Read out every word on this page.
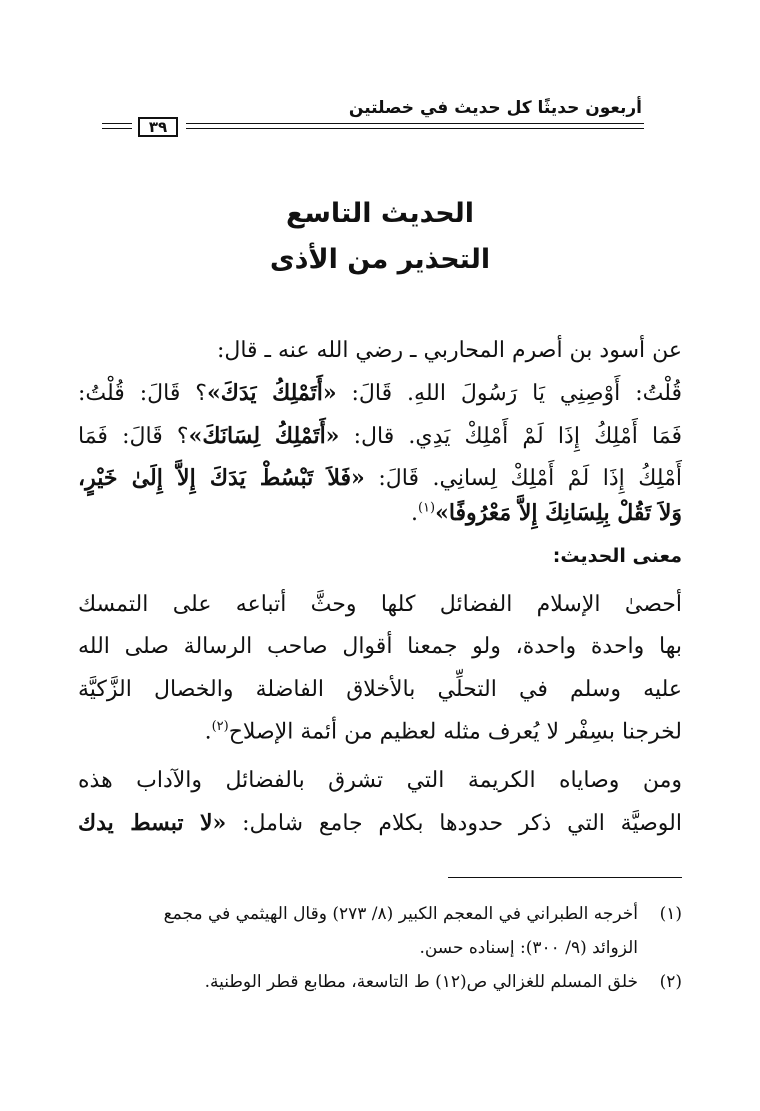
أربعون حديثًا كل حديث في خصلتين
٣٩
الحديث التاسع
التحذير من الأذى
عن أسود بن أصرم المحاربي ـ رضي الله عنه ـ قال:
قُلْتُ: أَوْصِنِي يَا رَسُولَ اللهِ. قَالَ: «أَتَمْلِكُ يَدَكَ»؟ قَالَ: قُلْتُ:
فَمَا أَمْلِكُ إِذَا لَمْ أَمْلِكْ يَدِي. قال: «أَتَمْلِكُ لِسَانَكَ»؟ قَالَ: فَمَا
أَمْلِكُ إِذَا لَمْ أَمْلِكْ لِسانِي. قَالَ: «فَلاَ تَبْسُطْ يَدَكَ إِلاَّ إِلَىٰ خَيْرٍ،
وَلاَ تَقُلْ بِلِسَانِكَ إِلاَّ مَعْرُوفًا»$^{(١)}$.
معنى الحديث:
أحصىٰ الإسلام الفضائل كلها وحثَّ أتباعه على التمسك
بها واحدة واحدة، ولو جمعنا أقوال صاحب الرسالة صلى الله
عليه وسلم في التحلِّي بالأخلاق الفاضلة والخصال الزَّكيَّة
لخرجنا بسِفْر لا يُعرف مثله لعظيم من أئمة الإصلاح$^{(٢)}$.
ومن وصاياه الكريمة التي تشرق بالفضائل والآداب هذه
الوصيَّة التي ذكر حدودها بكلام جامع شامل: «لا تبسط يدك
(١)أخرجه الطبراني في المعجم الكبير (٨/ ٢٧٣) وقال الهيثمي في مجمع
الزوائد (٩/ ٣٠٠): إسناده حسن.
(٢)خلق المسلم للغزالي ص(١٢) ط التاسعة، مطابع قطر الوطنية.
